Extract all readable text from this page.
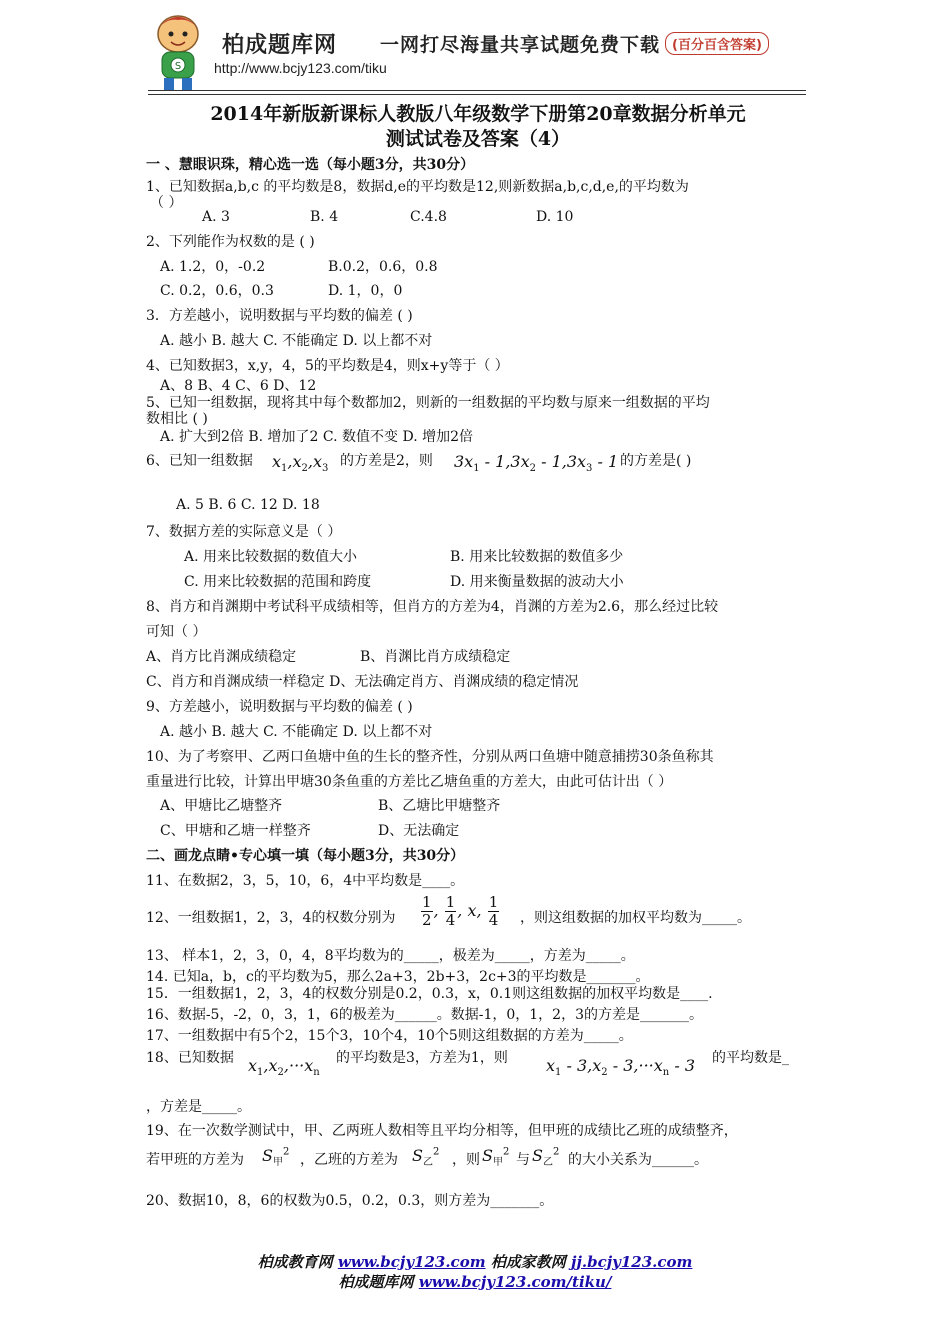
S
柏成题库网 一网打尽海量共享试题免费下载 (百分百含答案)
http://www.bcjy123.com/tiku
2014年新版新课标人教版八年级数学下册第20章数据分析单元
测试试卷及答案（4）
一 、慧眼识珠，精心选一选（每小题3分，共30分）
1、已知数据a,b,c 的平均数是8，数据d,e的平均数是12,则新数据a,b,c,d,e,的平均数为
（ ）
A. 3	B. 4	C.4.8	D. 10
2、下列能作为权数的是 ( )
A. 1.2，0，-0.2	B.0.2，0.6，0.8
C. 0.2，0.6，0.3	D. 1，0，0
3．方差越小，说明数据与平均数的偏差 ( )
A. 越小 B. 越大 C. 不能确定 D. 以上都不对
4、已知数据3，x,y，4，5的平均数是4，则x+y等于（ ）
A、8 B、4 C、6 D、12
5、已知一组数据，现将其中每个数都加2，则新的一组数据的平均数与原来一组数据的平均
数相比 ( )
A. 扩大到2倍 B. 增加了2 C. 数值不变 D. 增加2倍
6、已知一组数据 $x_1,x_2,x_3$ 的方差是2，则 $3x_1 - 1,3x_2 - 1,3x_3 - 1$ 的方差是( )
A. 5 B. 6 C. 12 D. 18
7、数据方差的实际意义是（ ）
A. 用来比较数据的数值大小	B. 用来比较数据的数值多少
C. 用来比较数据的范围和跨度	D. 用来衡量数据的波动大小
8、肖方和肖渊期中考试科平成绩相等，但肖方的方差为4，肖渊的方差为2.6，那么经过比较
可知（ ）
A、肖方比肖渊成绩稳定	B、肖渊比肖方成绩稳定
C、肖方和肖渊成绩一样稳定 D、无法确定肖方、肖渊成绩的稳定情况
9、方差越小，说明数据与平均数的偏差 ( )
A. 越小 B. 越大 C. 不能确定 D. 以上都不对
10、为了考察甲、乙两口鱼塘中鱼的生长的整齐性，分别从两口鱼塘中随意捕捞30条鱼称其
重量进行比较，计算出甲塘30条鱼重的方差比乙塘鱼重的方差大，由此可估计出（ ）
A、甲塘比乙塘整齐	B、乙塘比甲塘整齐
C、甲塘和乙塘一样整齐	D、无法确定
二、画龙点睛•专心填一填（每小题3分，共30分）
11、在数据2，3，5，10，6，4中平均数是____。
12、一组数据1，2，3，4的权数分别为 $\frac{1}{2}$ , $\frac{1}{4}$ , x, $\frac{1}{4}$ ，则这组数据的加权平均数为_____。
13、 样本1，2，3，0，4，8平均数为的_____，极差为_____，方差为_____。
14. 已知a，b，c的平均数为5，那么2a+3，2b+3，2c+3的平均数是_______。
15．一组数据1，2，3，4的权数分别是0.2，0.3，x，0.1则这组数据的加权平均数是____.
16、数据-5，-2，0，3，1，6的极差为______。数据-1，0，1，2，3的方差是_______。
17、一组数据中有5个2，15个3，10个4，10个5则这组数据的方差为_____。
18、已知数据 $x_1,x_2,\cdot\cdot\cdot x_n$
的平均数是3，方差为1，则 $x_1 - 3,x_2 - 3,\cdot\cdot\cdot x_n - 3$ 的平均数是_
，方差是_____。
19、在一次数学测试中，甲、乙两班人数相等且平均分相等，但甲班的成绩比乙班的成绩整齐，
若甲班的方差为 $S_甲^2$ ，乙班的方差为 $S_乙^2$ ，则 $S_甲^2$ 与 $S_乙^2$ 的大小关系为______。
20、数据10，8，6的权数为0.5，0.2，0.3，则方差为_______。
柏成教育网 www.bcjy123.com 柏成家教网 jj.bcjy123.com
柏成题库网 www.bcjy123.com/tiku/
